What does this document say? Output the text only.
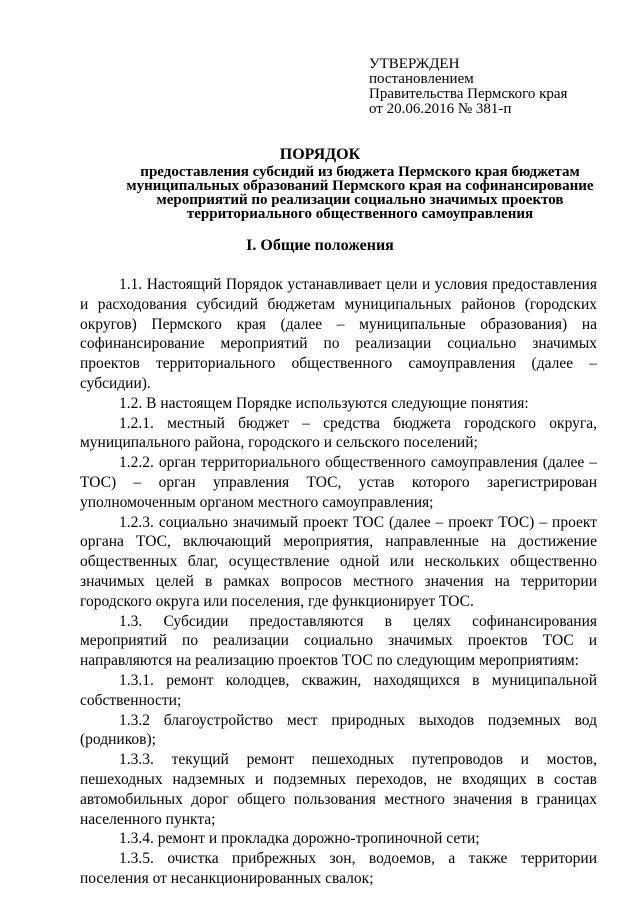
УТВЕРЖДЕН
постановлением
Правительства Пермского края
от 20.06.2016 № 381-п
ПОРЯДОК
предоставления субсидий из бюджета Пермского края бюджетам
муниципальных образований Пермского края на софинансирование
мероприятий по реализации социально значимых проектов
территориального общественного самоуправления
I. Общие положения

1.1. Настоящий Порядок устанавливает цели и условия предоставления и расходования субсидий бюджетам муниципальных районов (городских округов) Пермского края (далее – муниципальные образования) на софинансирование мероприятий по реализации социально значимых проектов территориального общественного самоуправления (далее – субсидии).

1.2. В настоящем Порядке используются следующие понятия:

1.2.1. местный бюджет – средства бюджета городского округа, муниципального района, городского и сельского поселений;

1.2.2. орган территориального общественного самоуправления (далее – ТОС) – орган управления ТОС, устав которого зарегистрирован уполномоченным органом местного самоуправления;

1.2.3. социально значимый проект ТОС (далее – проект ТОС) – проект органа ТОС, включающий мероприятия, направленные на достижение общественных благ, осуществление одной или нескольких общественно значимых целей в рамках вопросов местного значения на территории городского округа или поселения, где функционирует ТОС.

1.3. Субсидии предоставляются в целях софинансирования мероприятий по реализации социально значимых проектов ТОС и направляются на реализацию проектов ТОС по следующим мероприятиям:

1.3.1. ремонт колодцев, скважин, находящихся в муниципальной собственности;

1.3.2 благоустройство мест природных выходов подземных вод (родников);

1.3.3. текущий ремонт пешеходных путепроводов и мостов, пешеходных надземных и подземных переходов, не входящих в состав автомобильных дорог общего пользования местного значения в границах населенного пункта;

1.3.4. ремонт и прокладка дорожно-тропиночной сети;

1.3.5. очистка прибрежных зон, водоемов, а также территории поселения от несанкционированных свалок;
